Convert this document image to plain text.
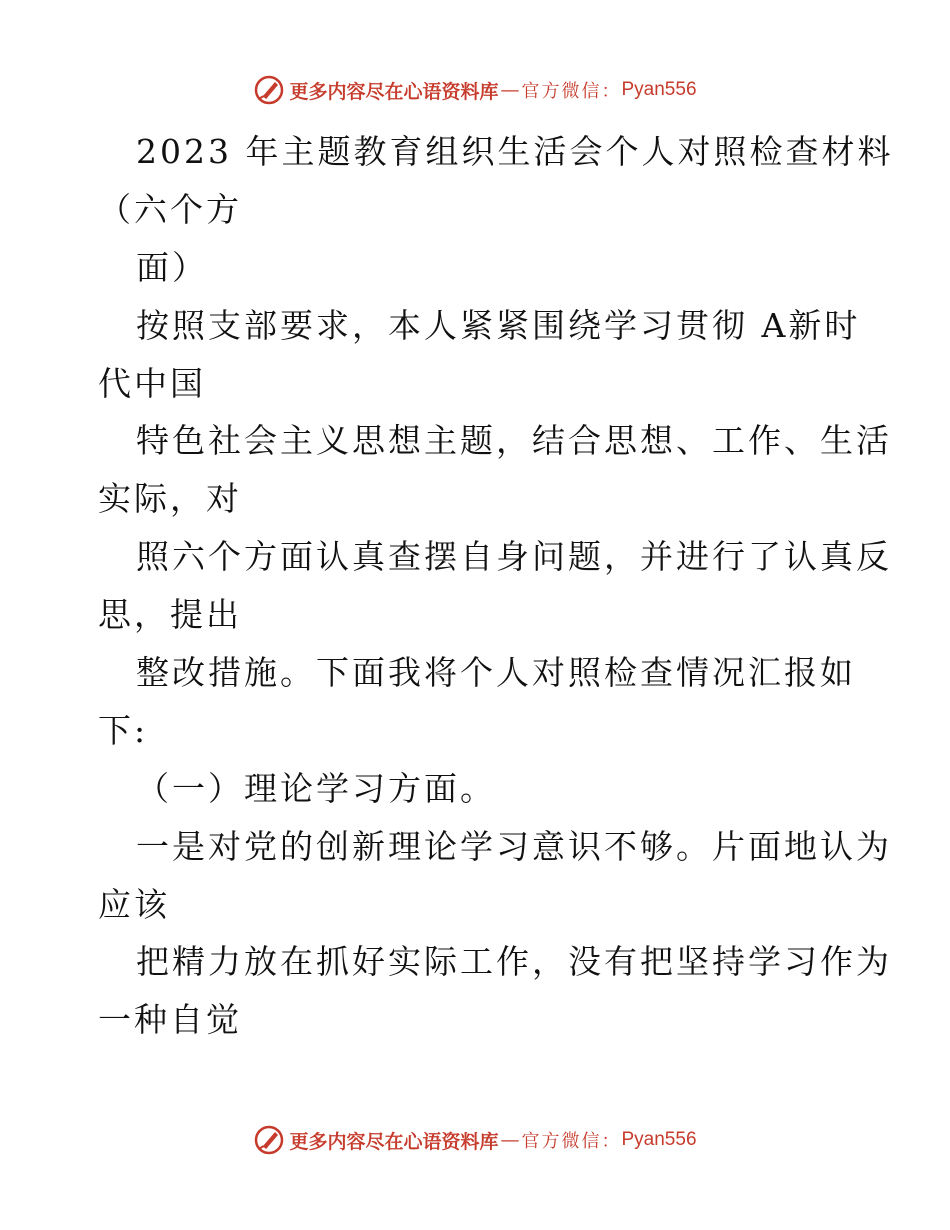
更多内容尽在心语资料库 — 官方微信： Pyan556
2023 年主题教育组织生活会个人对照检查材料
（六个方
面）
按照支部要求，本人紧紧围绕学习贯彻 A新时
代中国
特色社会主义思想主题，结合思想、工作、生活
实际，对
照六个方面认真查摆自身问题，并进行了认真反
思，提出
整改措施。下面我将个人对照检查情况汇报如
下:
（一）理论学习方面。
一是对党的创新理论学习意识不够。片面地认为
应该
把精力放在抓好实际工作，没有把坚持学习作为
一种自觉
更多内容尽在心语资料库 — 官方微信： Pyan556
